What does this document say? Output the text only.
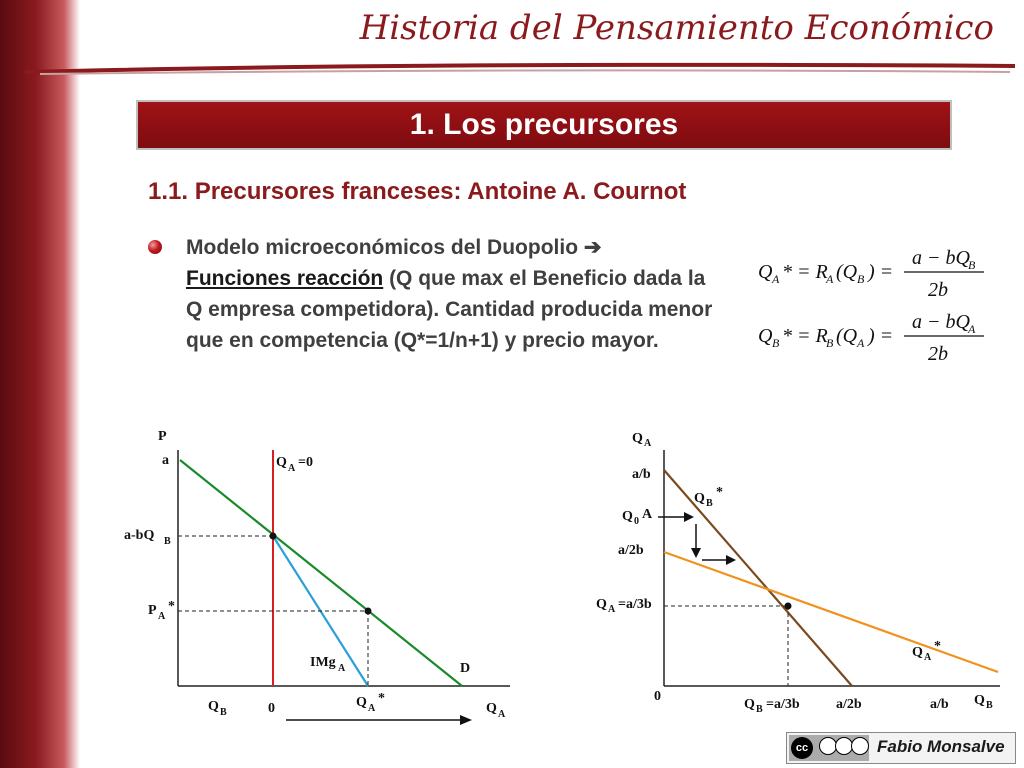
Historia del Pensamiento Económico
1. Los precursores
1.1. Precursores franceses: Antoine A. Cournot
Modelo microeconómicos del Duopolio ➔
Funciones reacción (Q que max el Beneficio dada la Q empresa competidora). Cantidad producida menor que en competencia (Q*=1/n+1) y precio mayor.
Q A * = R
A (Q B ) =
a − bQ
B
2b
Q B * = R
B (Q A ) =
a − bQ
A
2b
P
a
a-bQ B
P A
*
Q A =0
IMg A	D
Q B	0	Q A
*
Q A
Q A
a/b
Q B
*
Q 0 A
a/2b
Q A =a/3b
Q A
*
0
Q B =a/3b	a/2b	a/b Q B
cc	Fabio Monsalve
